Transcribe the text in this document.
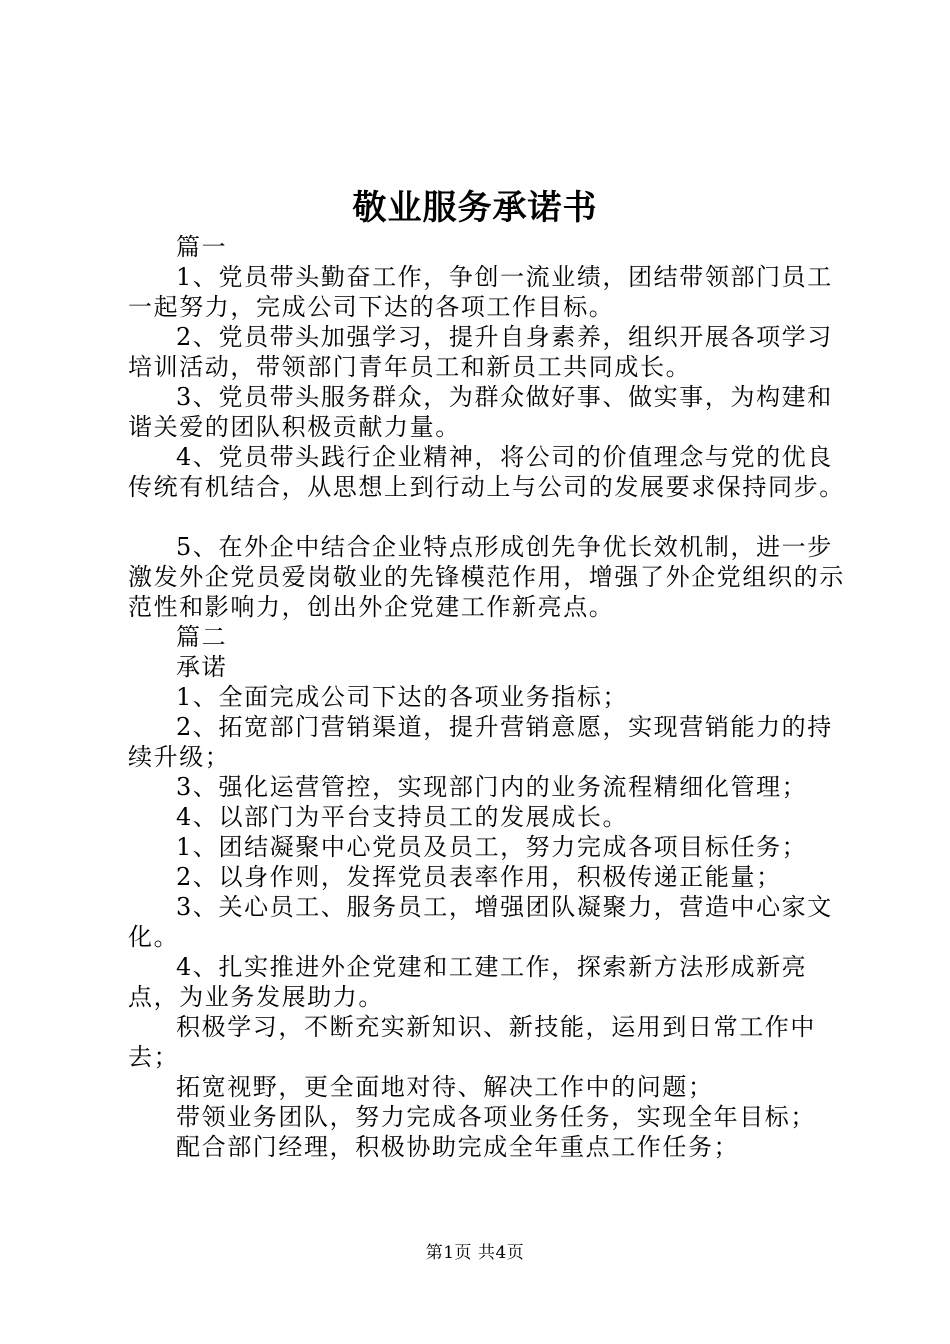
敬业服务承诺书

篇一

1、党员带头勤奋工作，争创一流业绩，团结带领部门员工一起努力，完成公司下达的各项工作目标。

2、党员带头加强学习，提升自身素养，组织开展各项学习培训活动，带领部门青年员工和新员工共同成长。

3、党员带头服务群众，为群众做好事、做实事，为构建和谐关爱的团队积极贡献力量。

4、党员带头践行企业精神，将公司的价值理念与党的优良传统有机结合，从思想上到行动上与公司的发展要求保持同步。

5、在外企中结合企业特点形成创先争优长效机制，进一步激发外企党员爱岗敬业的先锋模范作用，增强了外企党组织的示范性和影响力，创出外企党建工作新亮点。

篇二

承诺

1、全面完成公司下达的各项业务指标；

2、拓宽部门营销渠道，提升营销意愿，实现营销能力的持续升级；

3、强化运营管控，实现部门内的业务流程精细化管理；

4、以部门为平台支持员工的发展成长。

1、团结凝聚中心党员及员工，努力完成各项目标任务；

2、以身作则，发挥党员表率作用，积极传递正能量；

3、关心员工、服务员工，增强团队凝聚力，营造中心家文化。

4、扎实推进外企党建和工建工作，探索新方法形成新亮点，为业务发展助力。

积极学习，不断充实新知识、新技能，运用到日常工作中去；

拓宽视野，更全面地对待、解决工作中的问题；

带领业务团队，努力完成各项业务任务，实现全年目标；

配合部门经理，积极协助完成全年重点工作任务；

第1页 共4页
